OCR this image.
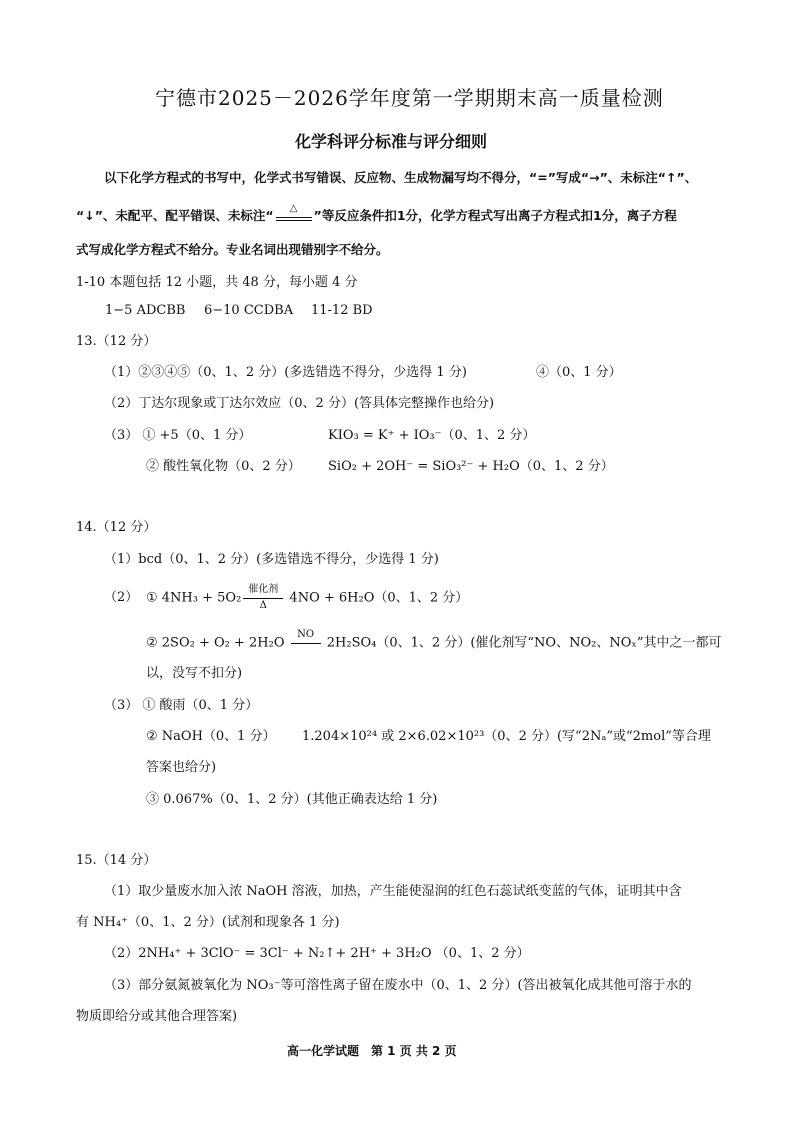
宁德市2025－2026学年度第一学期期末高一质量检测
化学科评分标准与评分细则
以下化学方程式的书写中，化学式书写错误、反应物、生成物漏写均不得分，“=”写成“→”、未标注“↑”、
“↓”、未配平、配平错误、未标注“	△	”等反应条件扣1分，化学方程式写出离子方程式扣1分，离子方程
式写成化学方程式不给分。专业名词出现错别字不给分。
1-10 本题包括 12 小题，共 48 分，每小题 4 分
1−5 ADCBB 6−10 CCDBA 11-12 BD
13.（12 分）
（1）②③④⑤（0、1、2 分）(多选错选不得分，少选得 1 分)	④（0、1 分）
（2）丁达尔现象或丁达尔效应（0、2 分）(答具体完整操作也给分)
（3） ① +5（0、1 分）	KIO₃ = K⁺ + IO₃⁻（0、1、2 分）
② 酸性氧化物（0、2 分） SiO₂ + 2OH⁻ = SiO₃²⁻ + H₂O（0、1、2 分）
14.（12 分）
（1）bcd（0、1、2 分）(多选错选不得分，少选得 1 分)
（2） ① 4NH₃ + 5O₂
催化剂
Δ	4NO + 6H₂O（0、1、2 分）
② 2SO₂ + O₂ + 2H₂O
NO
2H₂SO₄（0、1、2 分）(催化剂写“NO、NO₂、NOₓ”其中之一都可
以，没写不扣分)
（3） ① 酸雨（0、1 分）
② NaOH（0、1 分） 1.204×10²⁴ 或 2×6.02×10²³（0、2 分）(写“2Nₐ”或“2mol”等合理
答案也给分)
③ 0.067%（0、1、2 分）(其他正确表达给 1 分)
15.（14 分）
（1）取少量废水加入浓 NaOH 溶液，加热，产生能使湿润的红色石蕊试纸变蓝的气体，证明其中含
有 NH₄⁺（0、1、2 分）(试剂和现象各 1 分)
（2）2NH₄⁺ + 3ClO⁻ = 3Cl⁻ + N₂↑+ 2H⁺ + 3H₂O （0、1、2 分）
（3）部分氨氮被氧化为 NO₃⁻等可溶性离子留在废水中（0、1、2 分）(答出被氧化成其他可溶于水的
物质即给分或其他合理答案)
高一化学试题　第 1 页 共 2 页
